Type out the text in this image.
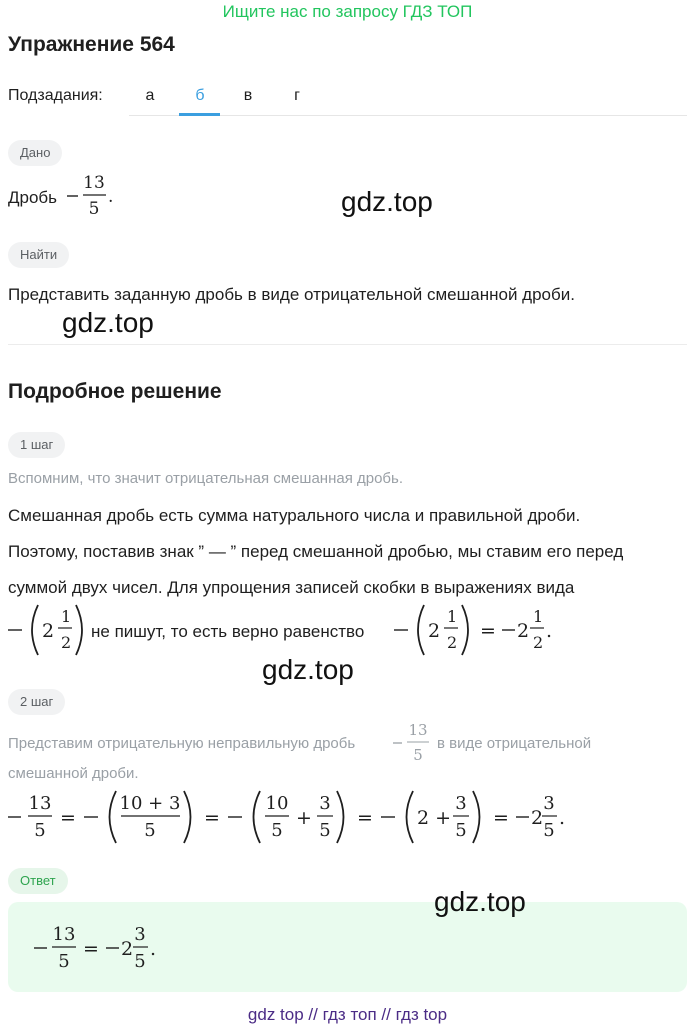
Ищите нас по запросу ГДЗ ТОП
Упражнение 564
Подзадания:	а	б	в	г
Дано
Дробь
13
5
.	gdz.top
Найти
Представить заданную дробь в виде отрицательной смешанной дроби.
gdz.top
Подробное решение
1 шаг
Вспомним, что значит отрицательная смешанная дробь.
Смешанная дробь есть сумма натурального числа и правильной дроби.
Поэтому, поставив знак ” — ” перед смешанной дробью, мы ставим его перед
суммой двух чисел. Для упрощения записей скобки в выражениях вида
2
1
2
не пишут, то есть верно равенство	2
1
2
= 2
1
2
.
gdz.top
2 шаг
Представим отрицательную неправильную дробь
13
5
в виде отрицательной
смешанной дроби.
13
5
=
10 + 3
5
=
10
5
+
3
5
= 2 +
3
5
= 2
3
5
.
Ответ
gdz.top
13
5
= 2
3
5
.
gdz top // гдз топ // гдз top
